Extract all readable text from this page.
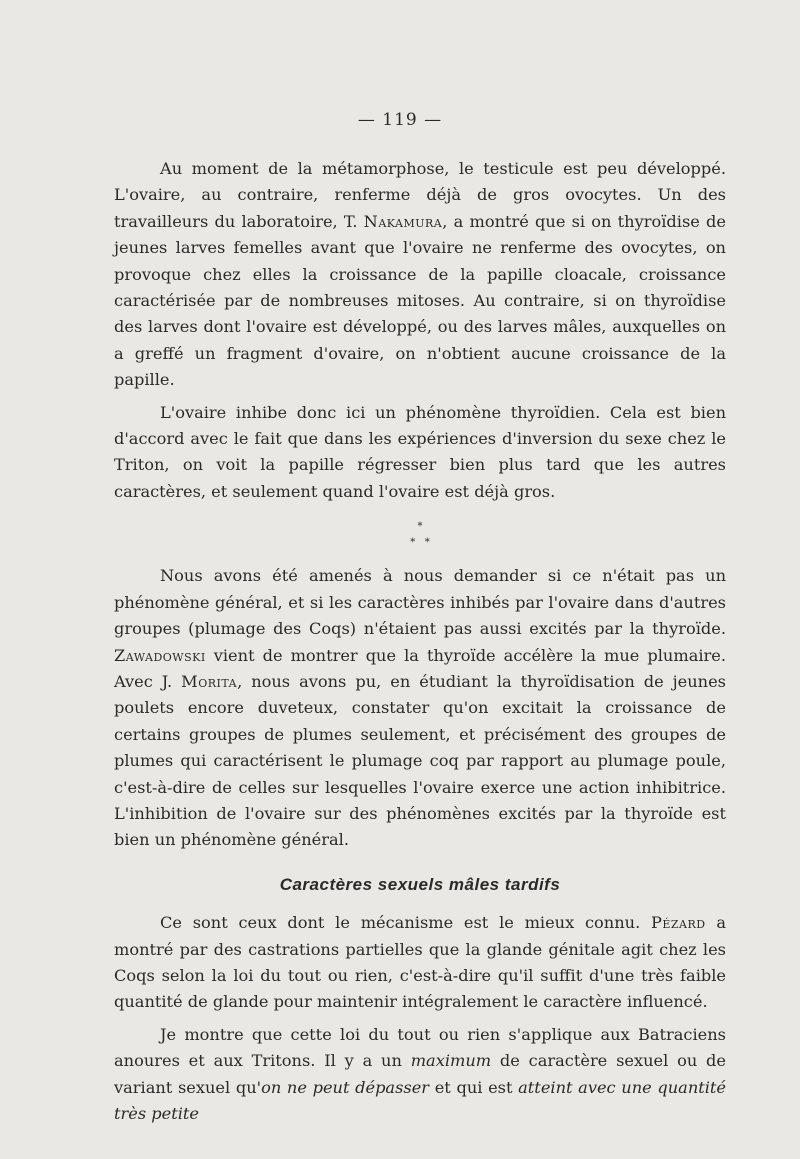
— 119 —

Au moment de la métamorphose, le testicule est peu développé. L'ovaire, au contraire, renferme déjà de gros ovocytes. Un des travailleurs du laboratoire, T. Nakamura, a montré que si on thyroïdise de jeunes larves femelles avant que l'ovaire ne renferme des ovocytes, on provoque chez elles la croissance de la papille cloacale, croissance caractérisée par de nombreuses mitoses. Au contraire, si on thyroïdise des larves dont l'ovaire est développé, ou des larves mâles, auxquelles on a greffé un fragment d'ovaire, on n'obtient aucune croissance de la papille.

L'ovaire inhibe donc ici un phénomène thyroïdien. Cela est bien d'accord avec le fait que dans les expériences d'inversion du sexe chez le Triton, on voit la papille régresser bien plus tard que les autres caractères, et seulement quand l'ovaire est déjà gros.

*
*   *

Nous avons été amenés à nous demander si ce n'était pas un phénomène général, et si les caractères inhibés par l'ovaire dans d'autres groupes (plumage des Coqs) n'étaient pas aussi excités par la thyroïde. Zawadowski vient de montrer que la thyroïde accélère la mue plumaire. Avec J. Morita, nous avons pu, en étudiant la thyroïdisation de jeunes poulets encore duveteux, constater qu'on excitait la croissance de certains groupes de plumes seulement, et précisément des groupes de plumes qui caractérisent le plumage coq par rapport au plumage poule, c'est-à-dire de celles sur lesquelles l'ovaire exerce une action inhibitrice. L'inhibition de l'ovaire sur des phénomènes excités par la thyroïde est bien un phénomène général.

Caractères sexuels mâles tardifs

Ce sont ceux dont le mécanisme est le mieux connu. Pézard a montré par des castrations partielles que la glande génitale agit chez les Coqs selon la loi du tout ou rien, c'est-à-dire qu'il suffit d'une très faible quantité de glande pour maintenir intégralement le caractère influencé.

Je montre que cette loi du tout ou rien s'applique aux Batraciens anoures et aux Tritons. Il y a un maximum de caractère sexuel ou de variant sexuel qu'on ne peut dépasser et qui est atteint avec une quantité très petite
